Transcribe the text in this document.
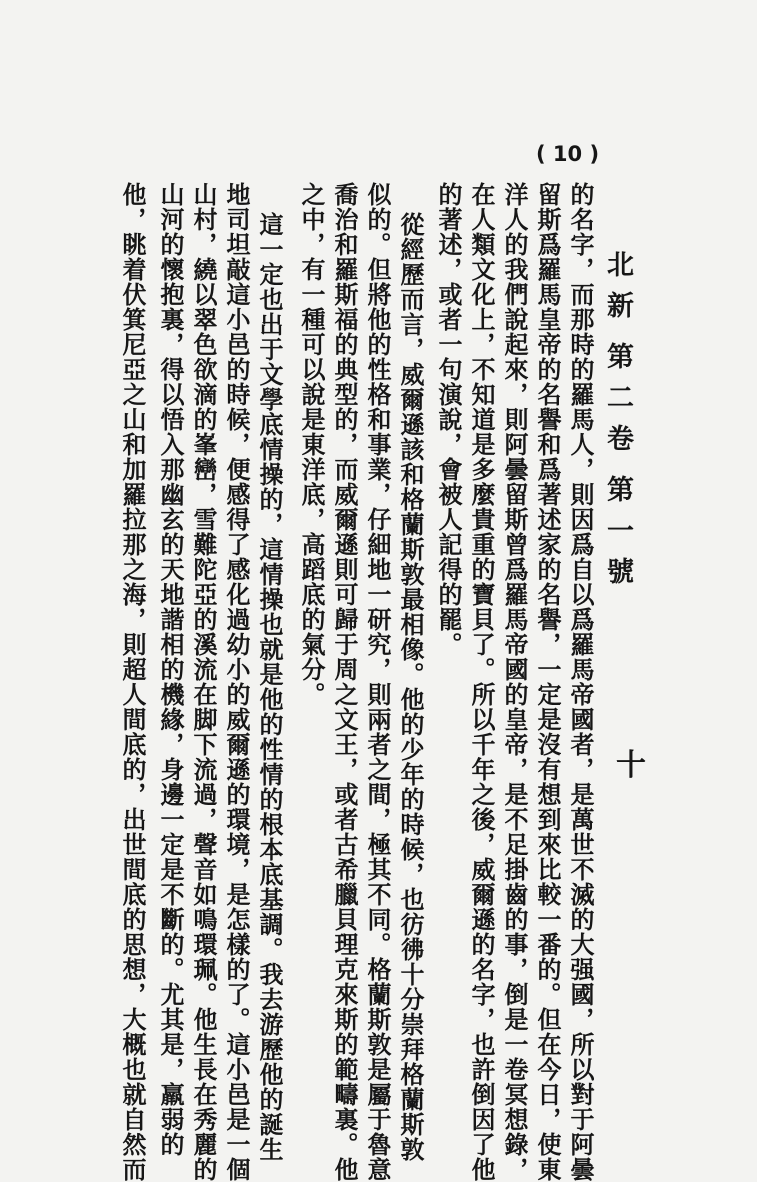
( 10 )
北新第二卷第一號
十
的名字，而那時的羅馬人，則因爲自以爲羅馬帝國者，是萬世不滅的大强國，所以對于阿曇
留斯爲羅馬皇帝的名譽和爲著述家的名譽，一定是沒有想到來比較一番的。但在今日，使東
洋人的我們說起來，則阿曇留斯曾爲羅馬帝國的皇帝，是不足掛齒的事，倒是一卷冥想錄，
在人類文化上，不知道是多麼貴重的寶貝了。所以千年之後，威爾遜的名字，也許倒因了他
的著述，或者一句演說，會被人記得的罷。
從經歷而言，威爾遜該和格蘭斯敦最相像。他的少年的時候，也彷彿十分崇拜格蘭斯敦
似的。但將他的性格和事業，仔細地一研究，則兩者之間，極其不同。格蘭斯敦是屬于魯意
喬治和羅斯福的典型的，而威爾遜則可歸于周之文王，或者古希臘貝理克來斯的範疇裏。他
之中，有一種可以說是東洋底，高蹈底的氣分。
這一定也出于文學底情操的，這情操也就是他的性情的根本底基調。我去游歷他的誕生
地司坦敲這小邑的時候，便感得了感化過幼小的威爾遜的環境，是怎樣的了。這小邑是一個
山村，繞以翠色欲滴的峯巒，雪難陀亞的溪流在脚下流過，聲音如鳴環珮。他生長在秀麗的
山河的懷抱裏，得以悟入那幽玄的天地諧相的機緣，身邊一定是不斷的。尤其是，羸弱的
他，眺着伏箕尼亞之山和加羅拉那之海，則超人間底的，出世間底的思想，大概也就自然而
